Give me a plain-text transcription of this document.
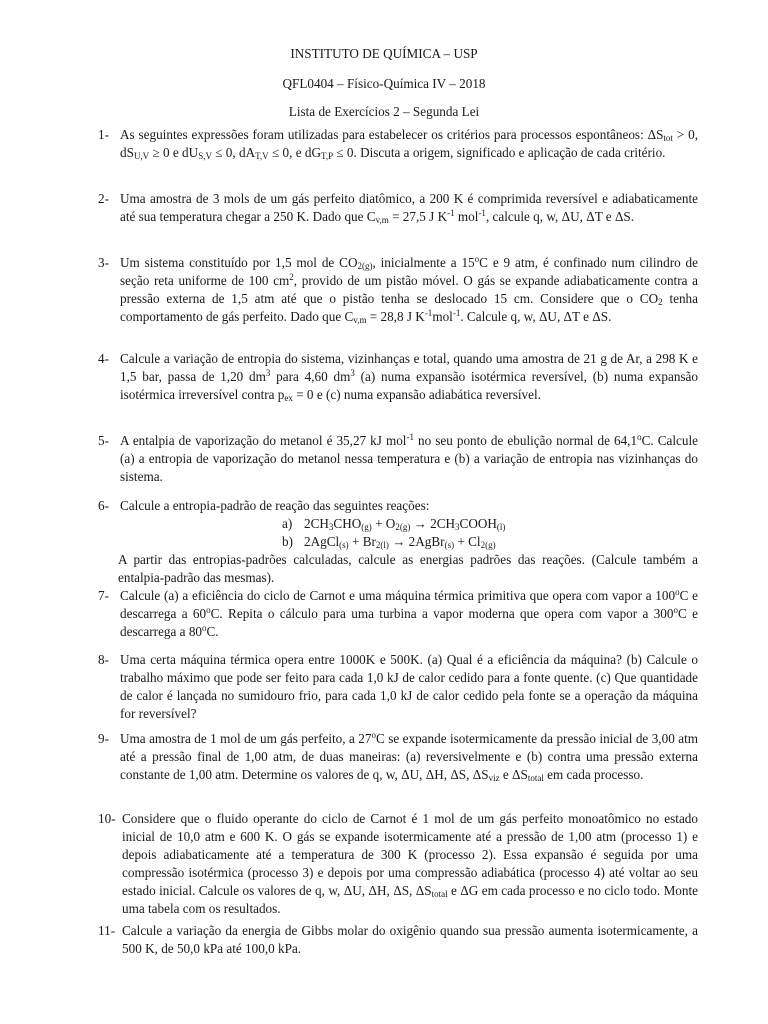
INSTITUTO DE QUÍMICA – USP
QFL0404 – Físico-Química IV – 2018
Lista de Exercícios 2 – Segunda Lei
1- As seguintes expressões foram utilizadas para estabelecer os critérios para processos espontâneos: $\Delta S_{tot} > 0$, $dS_{U,V} \ge 0$ e $dU_{S,V} \le 0$, $dA_{T,V} \le 0$, e $dG_{T,P} \le 0$. Discuta a origem, significado e aplicação de cada critério.

2- Uma amostra de 3 mols de um gás perfeito diatômico, a 200 K é comprimida reversível e adiabaticamente até sua temperatura chegar a 250 K. Dado que $C_{v,m} = 27,5$ J $K^{-1}$ mol$^{-1}$, calcule q, w, ΔU, ΔT e ΔS.

3- Um sistema constituído por 1,5 mol de $CO_{2(g)}$, inicialmente a 15$^o$C e 9 atm, é confinado num cilindro de seção reta uniforme de 100 $cm^2$, provido de um pistão móvel. O gás se expande adiabaticamente contra a pressão externa de 1,5 atm até que o pistão tenha se deslocado 15 cm. Considere que o $CO_2$ tenha comportamento de gás perfeito. Dado que $C_{v,m} = 28,8$ J $K^{-1}mol^{-1}$. Calcule q, w, ΔU, ΔT e ΔS.

4- Calcule a variação de entropia do sistema, vizinhanças e total, quando uma amostra de 21 g de Ar, a 298 K e 1,5 bar, passa de 1,20 $dm^3$ para 4,60 $dm^3$ (a) numa expansão isotérmica reversível, (b) numa expansão isotérmica irreversível contra $p_{ex} = 0$ e (c) numa expansão adiabática reversível.

5- A entalpia de vaporização do metanol é 35,27 kJ mol$^{-1}$ no seu ponto de ebulição normal de 64,1$^o$C. Calcule (a) a entropia de vaporização do metanol nessa temperatura e (b) a variação de entropia nas vizinhanças do sistema.

6- Calcule a entropia-padrão de reação das seguintes reações:

a) $2CH_3CHO_{(g)} + O_{2(g)}$ → $2CH_3COOH_{(l)}$
b) 2AgCl$_{(s)}$ + $Br_{2(l)}$ → 2AgBr$_{(s)}$ + $Cl_{2(g)}$

A partir das entropias-padrões calculadas, calcule as energias padrões das reações. (Calcule também a entalpia-padrão das mesmas).

7- Calcule (a) a eficiência do ciclo de Carnot e uma máquina térmica primitiva que opera com vapor a 100$^o$C e descarrega a 60$^o$C. Repita o cálculo para uma turbina a vapor moderna que opera com vapor a 300$^o$C e descarrega a 80$^o$C.

8- Uma certa máquina térmica opera entre 1000K e 500K. (a) Qual é a eficiência da máquina? (b) Calcule o trabalho máximo que pode ser feito para cada 1,0 kJ de calor cedido para a fonte quente. (c) Que quantidade de calor é lançada no sumidouro frio, para cada 1,0 kJ de calor cedido pela fonte se a operação da máquina for reversível?

9- Uma amostra de 1 mol de um gás perfeito, a 27$^o$C se expande isotermicamente da pressão inicial de 3,00 atm até a pressão final de 1,00 atm, de duas maneiras: (a) reversivelmente e (b) contra uma pressão externa constante de 1,00 atm. Determine os valores de q, w, ΔU, ΔH, ΔS, $\Delta S_{viz}$ e $\Delta S_{total}$ em cada processo.

10- Considere que o fluido operante do ciclo de Carnot é 1 mol de um gás perfeito monoatômico no estado inicial de 10,0 atm e 600 K. O gás se expande isotermicamente até a pressão de 1,00 atm (processo 1) e depois adiabaticamente até a temperatura de 300 K (processo 2). Essa expansão é seguida por uma compressão isotérmica (processo 3) e depois por uma compressão adiabática (processo 4) até voltar ao seu estado inicial. Calcule os valores de q, w, ΔU, ΔH, ΔS, $\Delta S_{total}$ e ΔG em cada processo e no ciclo todo. Monte uma tabela com os resultados.

11- Calcule a variação da energia de Gibbs molar do oxigênio quando sua pressão aumenta isotermicamente, a 500 K, de 50,0 kPa até 100,0 kPa.
